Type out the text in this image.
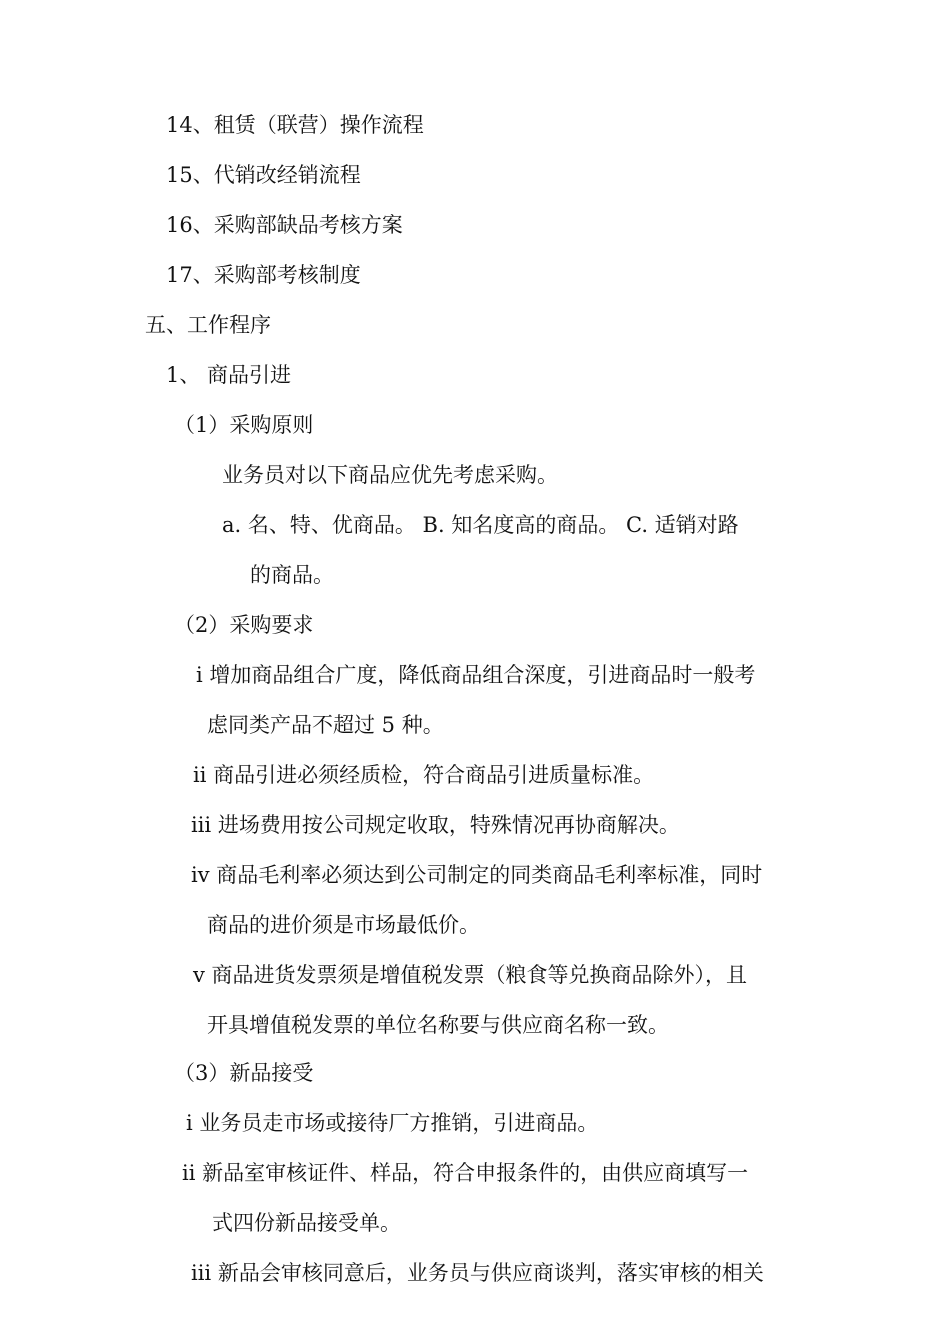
14、租赁（联营）操作流程
15、代销改经销流程
16、采购部缺品考核方案
17、采购部考核制度
五、工作程序
1、 商品引进
（1）采购原则
业务员对以下商品应优先考虑采购。
a. 名、特、优商品。 B. 知名度高的商品。 C. 适销对路
的商品。
（2）采购要求
ⅰ 增加商品组合广度，降低商品组合深度，引进商品时一般考
虑同类产品不超过 5 种。
ⅱ 商品引进必须经质检，符合商品引进质量标准。
ⅲ 进场费用按公司规定收取，特殊情况再协商解决。
ⅳ 商品毛利率必须达到公司制定的同类商品毛利率标准，同时
商品的进价须是市场最低价。
ⅴ 商品进货发票须是增值税发票（粮食等兑换商品除外），且
开具增值税发票的单位名称要与供应商名称一致。
（3）新品接受
ⅰ 业务员走市场或接待厂方推销，引进商品。
ⅱ 新品室审核证件、样品，符合申报条件的，由供应商填写一
式四份新品接受单。
ⅲ 新品会审核同意后，业务员与供应商谈判，落实审核的相关
